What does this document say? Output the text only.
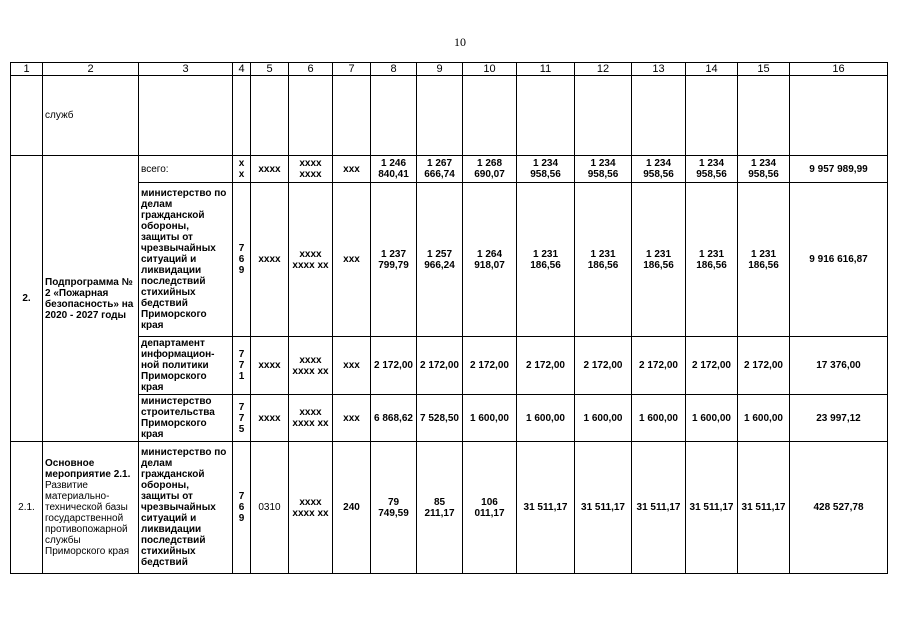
10
1	2	3	4	5	6	7	8	9	10	11	12	13	14	15	16
	служб														
2.	Подпрограмма № 2 «Пожарная безопасность» на 2020 - 2027 годы	всего:	x x	xxxx	xxxx xxxx	xxx	1 246 840,41	1 267 666,74	1 268 690,07	1 234 958,56	1 234 958,56	1 234 958,56	1 234 958,56	1 234 958,56	9 957 989,99
		министерство по делам гражданской обороны, защиты от чрезвычайных ситуаций и ликвидации последствий стихийных бедствий Приморского края	7 6 9	xxxx	xxxx xxxx xx	xxx	1 237 799,79	1 257 966,24	1 264 918,07	1 231 186,56	1 231 186,56	1 231 186,56	1 231 186,56	1 231 186,56	9 916 616,87
		департамент информацион-ной политики Приморского края	7 7 1	xxxx	xxxx xxxx xx	xxx	2 172,00	2 172,00	2 172,00	2 172,00	2 172,00	2 172,00	2 172,00	2 172,00	17 376,00
		министерство строительства Приморского края	7 7 5	xxxx	xxxx xxxx xx	xxx	6 868,62	7 528,50	1 600,00	1 600,00	1 600,00	1 600,00	1 600,00	1 600,00	23 997,12
2.1.	Основное мероприятие 2.1. Развитие материально-технической базы государственной противопожарной службы Приморского края	министерство по делам гражданской обороны, защиты от чрезвычайных ситуаций и ликвидации последствий стихийных бедствий	7 6 9	0310	xxxx xxxx xx	240	79 749,59	85 211,17	106 011,17	31 511,17	31 511,17	31 511,17	31 511,17	31 511,17	428 527,78
